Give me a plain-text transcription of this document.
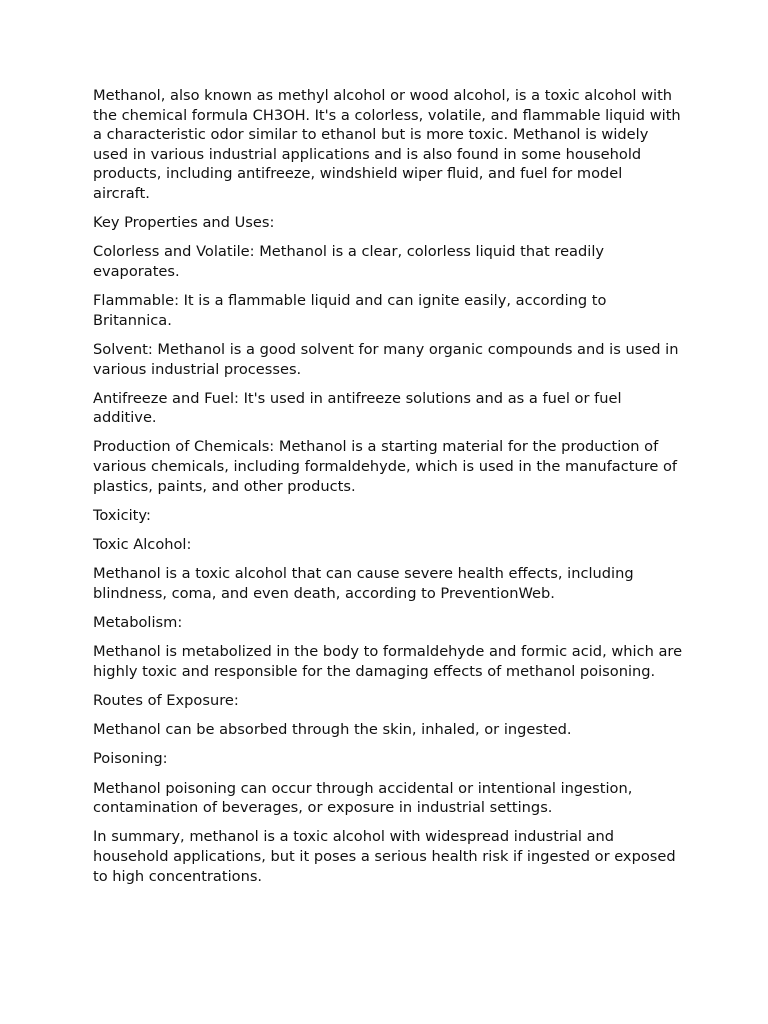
Methanol, also known as methyl alcohol or wood alcohol, is a toxic alcohol with the chemical formula CH3OH. It's a colorless, volatile, and flammable liquid with a characteristic odor similar to ethanol but is more toxic. Methanol is widely used in various industrial applications and is also found in some household products, including antifreeze, windshield wiper fluid, and fuel for model aircraft.

Key Properties and Uses:

Colorless and Volatile: Methanol is a clear, colorless liquid that readily evaporates.

Flammable: It is a flammable liquid and can ignite easily, according to Britannica.

Solvent: Methanol is a good solvent for many organic compounds and is used in various industrial processes.

Antifreeze and Fuel: It's used in antifreeze solutions and as a fuel or fuel additive.

Production of Chemicals: Methanol is a starting material for the production of various chemicals, including formaldehyde, which is used in the manufacture of plastics, paints, and other products.

Toxicity:

Toxic Alcohol:

Methanol is a toxic alcohol that can cause severe health effects, including blindness, coma, and even death, according to PreventionWeb.

Metabolism:

Methanol is metabolized in the body to formaldehyde and formic acid, which are highly toxic and responsible for the damaging effects of methanol poisoning.

Routes of Exposure:

Methanol can be absorbed through the skin, inhaled, or ingested.

Poisoning:

Methanol poisoning can occur through accidental or intentional ingestion, contamination of beverages, or exposure in industrial settings.

In summary, methanol is a toxic alcohol with widespread industrial and household applications, but it poses a serious health risk if ingested or exposed to high concentrations.
